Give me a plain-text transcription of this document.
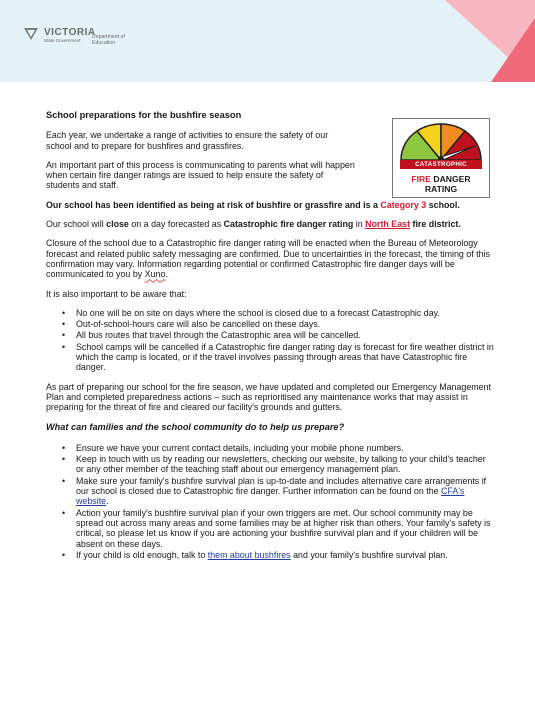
VICTORIA
State Government
Department of Education
CATASTROPHIC
FIRE DANGER RATING

School preparations for the bushfire season

Each year, we undertake a range of activities to ensure the safety of our school and to prepare for bushfires and grassfires.

An important part of this process is communicating to parents what will happen when certain fire danger ratings are issued to help ensure the safety of students and staff.

Our school has been identified as being at risk of bushfire or grassfire and is a Category 3 school.

Our school will close on a day forecasted as Catastrophic fire danger rating in North East fire district.

Closure of the school due to a Catastrophic fire danger rating will be enacted when the Bureau of Meteorology forecast and related public safety messaging are confirmed. Due to uncertainties in the forecast, the timing of this confirmation may vary. Information regarding potential or confirmed Catastrophic fire danger days will be communicated to you by Xuno.

It is also important to be aware that:

• No one will be on site on days where the school is closed due to a forecast Catastrophic day.
• Out-of-school-hours care will also be cancelled on these days.
• All bus routes that travel through the Catastrophic area will be cancelled.
• School camps will be cancelled if a Catastrophic fire danger rating day is forecast for fire weather district in which the camp is located, or if the travel involves passing through areas that have Catastrophic fire danger.

As part of preparing our school for the fire season, we have updated and completed our Emergency Management Plan and completed preparedness actions – such as reprioritised any maintenance works that may assist in preparing for the threat of fire and cleared our facility's grounds and gutters.

What can families and the school community do to help us prepare?

• Ensure we have your current contact details, including your mobile phone numbers.
• Keep in touch with us by reading our newsletters, checking our website, by talking to your child's teacher or any other member of the teaching staff about our emergency management plan.
• Make sure your family's bushfire survival plan is up-to-date and includes alternative care arrangements if our school is closed due to Catastrophic fire danger. Further information can be found on the CFA's website.
• Action your family's bushfire survival plan if your own triggers are met. Our school community may be spread out across many areas and some families may be at higher risk than others. Your family's safety is critical, so please let us know if you are actioning your bushfire survival plan and if your children will be absent on these days.
• If your child is old enough, talk to them about bushfires and your family's bushfire survival plan.
